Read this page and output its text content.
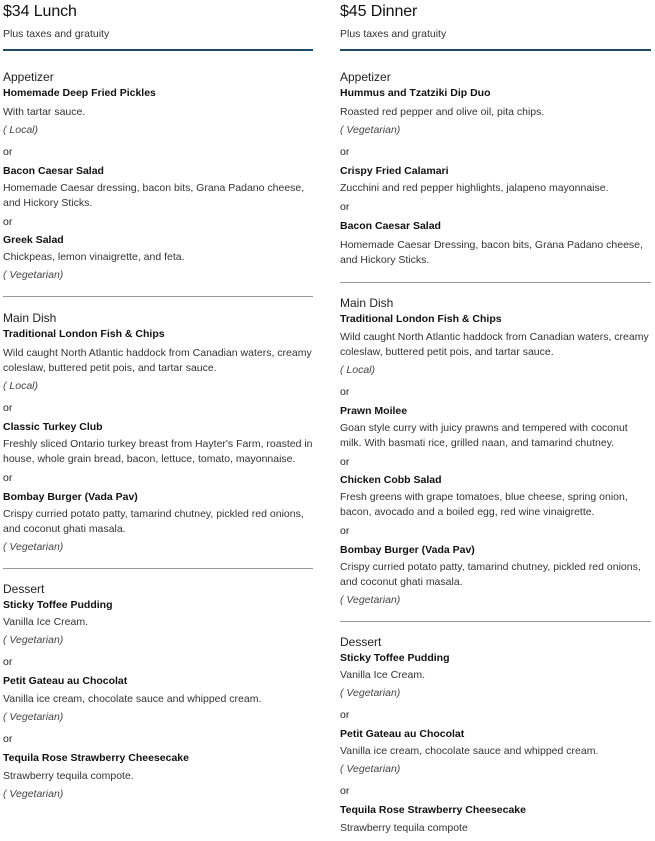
$34 Lunch
Plus taxes and gratuity
Appetizer
Homemade Deep Fried Pickles
With tartar sauce.
( Local)
or
Bacon Caesar Salad
Homemade Caesar dressing, bacon bits, Grana Padano cheese, and Hickory Sticks.
or
Greek Salad
Chickpeas, lemon vinaigrette, and feta.
( Vegetarian)
Main Dish
Traditional London Fish & Chips
Wild caught North Atlantic haddock from Canadian waters, creamy coleslaw, buttered petit pois, and tartar sauce.
( Local)
or
Classic Turkey Club
Freshly sliced Ontario turkey breast from Hayter's Farm, roasted in house, whole grain bread, bacon, lettuce, tomato, mayonnaise.
or
Bombay Burger (Vada Pav)
Crispy curried potato patty, tamarind chutney, pickled red onions, and coconut ghati masala.
( Vegetarian)
Dessert
Sticky Toffee Pudding
Vanilla Ice Cream.
( Vegetarian)
or
Petit Gateau au Chocolat
Vanilla ice cream, chocolate sauce and whipped cream.
( Vegetarian)
or
Tequila Rose Strawberry Cheesecake
Strawberry tequila compote.
( Vegetarian)
$45 Dinner
Plus taxes and gratuity
Appetizer
Hummus and Tzatziki Dip Duo
Roasted red pepper and olive oil, pita chips.
( Vegetarian)
or
Crispy Fried Calamari
Zucchini and red pepper highlights, jalapeno mayonnaise.
or
Bacon Caesar Salad
Homemade Caesar Dressing, bacon bits, Grana Padano cheese, and Hickory Sticks.
Main Dish
Traditional London Fish & Chips
Wild caught North Atlantic haddock from Canadian waters, creamy coleslaw, buttered petit pois, and tartar sauce.
( Local)
or
Prawn Moilee
Goan style curry with juicy prawns and tempered with coconut milk. With basmati rice, grilled naan, and tamarind chutney.
or
Chicken Cobb Salad
Fresh greens with grape tomatoes, blue cheese, spring onion, bacon, avocado and a boiled egg, red wine vinaigrette.
or
Bombay Burger (Vada Pav)
Crispy curried potato patty, tamarind chutney, pickled red onions, and coconut ghati masala.
( Vegetarian)
Dessert
Sticky Toffee Pudding
Vanilla Ice Cream.
( Vegetarian)
or
Petit Gateau au Chocolat
Vanilla ice cream, chocolate sauce and whipped cream.
( Vegetarian)
or
Tequila Rose Strawberry Cheesecake
Strawberry tequila compote
